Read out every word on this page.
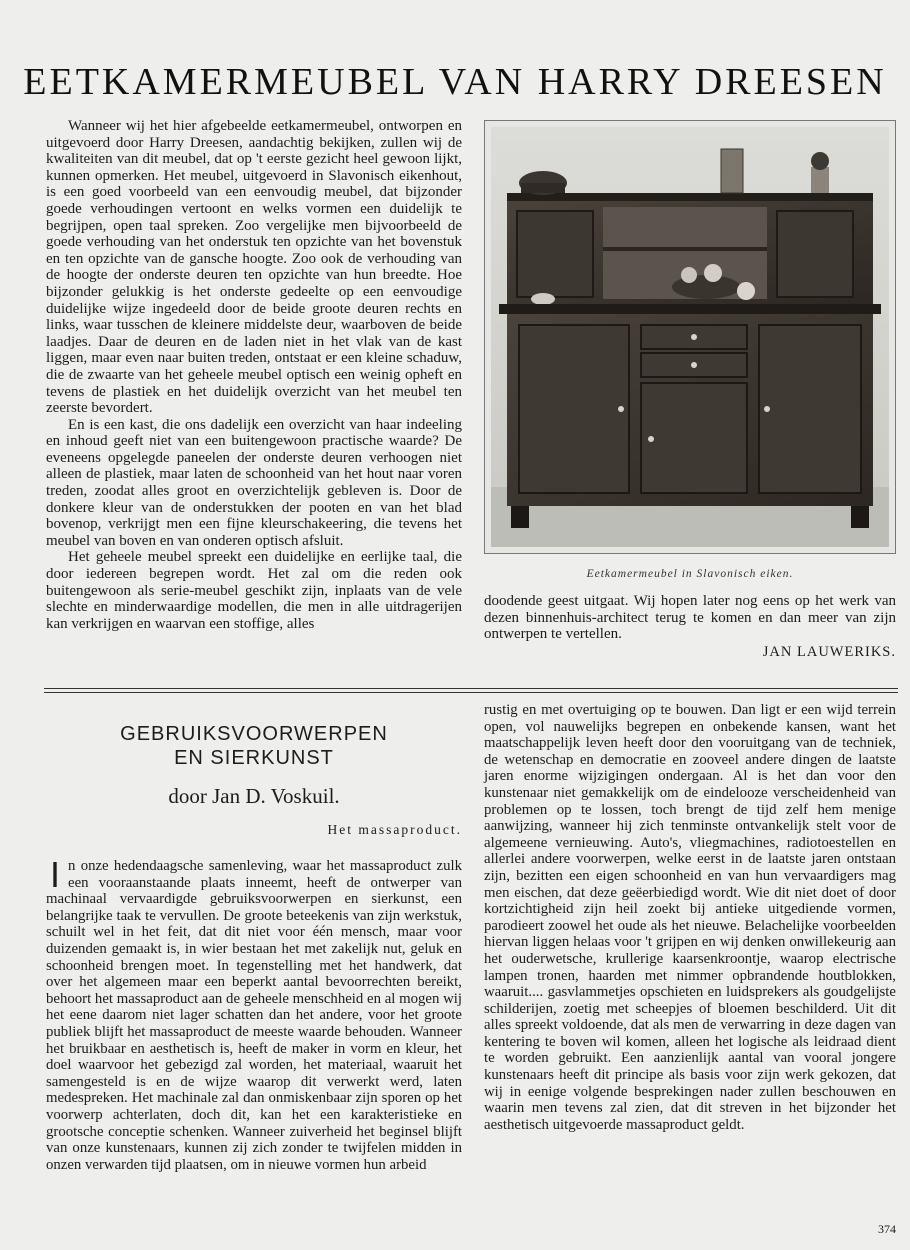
EETKAMERMEUBEL VAN HARRY DREESEN

Wanneer wij het hier afgebeelde eetkamermeubel, ontworpen en uitgevoerd door Harry Dreesen, aandachtig bekijken, zullen wij de kwaliteiten van dit meubel, dat op 't eerste gezicht heel gewoon lijkt, kunnen opmerken. Het meubel, uitgevoerd in Slavonisch eikenhout, is een goed voorbeeld van een eenvoudig meubel, dat bijzonder goede verhoudingen vertoont en welks vormen een duidelijk te begrijpen, open taal spreken. Zoo vergelijke men bijvoorbeeld de goede verhouding van het onderstuk ten opzichte van het bovenstuk en ten opzichte van de gansche hoogte. Zoo ook de verhouding van de hoogte der onderste deuren ten opzichte van hun breedte. Hoe bijzonder gelukkig is het onderste gedeelte op een eenvoudige duidelijke wijze ingedeeld door de beide groote deuren rechts en links, waar tusschen de kleinere middelste deur, waarboven de beide laadjes. Daar de deuren en de laden niet in het vlak van de kast liggen, maar even naar buiten treden, ontstaat er een kleine schaduw, die de zwaarte van het geheele meubel optisch een weinig opheft en tevens de plastiek en het duidelijk overzicht van het meubel ten zeerste bevordert.

En is een kast, die ons dadelijk een overzicht van haar indeeling en inhoud geeft niet van een buitengewoon practische waarde? De eveneens opgelegde paneelen der onderste deuren verhoogen niet alleen de plastiek, maar laten de schoonheid van het hout naar voren treden, zoodat alles groot en overzichtelijk gebleven is. Door de donkere kleur van de onderstukken der pooten en van het blad bovenop, verkrijgt men een fijne kleurschakeering, die tevens het meubel van boven en van onderen optisch afsluit.

Het geheele meubel spreekt een duidelijke en eerlijke taal, die door iedereen begrepen wordt. Het zal om die reden ook buitengewoon als serie-meubel geschikt zijn, inplaats van de vele slechte en minderwaardige modellen, die men in alle uitdragerijen kan verkrijgen en waarvan een stoffige, alles

Eetkamermeubel in Slavonisch eiken.

doodende geest uitgaat. Wij hopen later nog eens op het werk van dezen binnenhuis-architect terug te komen en dan meer van zijn ontwerpen te vertellen.

JAN LAUWERIKS.
GEBRUIKSVOORWERPEN
EN SIERKUNST
door Jan D. Voskuil.
Het massaproduct.

In onze hedendaagsche samenleving, waar het massaproduct zulk een vooraanstaande plaats inneemt, heeft de ontwerper van machinaal vervaardigde gebruiksvoorwerpen en sierkunst, een belangrijke taak te vervullen. De groote beteekenis van zijn werkstuk, schuilt wel in het feit, dat dit niet voor één mensch, maar voor duizenden gemaakt is, in wier bestaan het met zakelijk nut, geluk en schoonheid brengen moet. In tegenstelling met het handwerk, dat over het algemeen maar een beperkt aantal bevoorrechten bereikt, behoort het massaproduct aan de geheele menschheid en al mogen wij het eene daarom niet lager schatten dan het andere, voor het groote publiek blijft het massaproduct de meeste waarde behouden. Wanneer het bruikbaar en aesthetisch is, heeft de maker in vorm en kleur, het doel waarvoor het gebezigd zal worden, het materiaal, waaruit het samengesteld is en de wijze waarop dit verwerkt werd, laten medespreken. Het machinale zal dan onmiskenbaar zijn sporen op het voorwerp achterlaten, doch dit, kan het een karakteristieke en grootsche conceptie schenken. Wanneer zuiverheid het beginsel blijft van onze kunstenaars, kunnen zij zich zonder te twijfelen midden in onzen verwarden tijd plaatsen, om in nieuwe vormen hun arbeid

rustig en met overtuiging op te bouwen. Dan ligt er een wijd terrein open, vol nauwelijks begrepen en onbekende kansen, want het maatschappelijk leven heeft door den vooruitgang van de techniek, de wetenschap en democratie en zooveel andere dingen de laatste jaren enorme wijzigingen ondergaan. Al is het dan voor den kunstenaar niet gemakkelijk om de eindelooze verscheidenheid van problemen op te lossen, toch brengt de tijd zelf hem menige aanwijzing, wanneer hij zich tenminste ontvankelijk stelt voor de algemeene vernieuwing. Auto's, vliegmachines, radiotoestellen en allerlei andere voorwerpen, welke eerst in de laatste jaren ontstaan zijn, bezitten een eigen schoonheid en van hun vervaardigers mag men eischen, dat deze geëerbiedigd wordt. Wie dit niet doet of door kortzichtigheid zijn heil zoekt bij antieke uitgediende vormen, parodieert zoowel het oude als het nieuwe. Belachelijke voorbeelden hiervan liggen helaas voor 't grijpen en wij denken onwillekeurig aan het ouderwetsche, krullerige kaarsenkroontje, waarop electrische lampen tronen, haarden met nimmer opbrandende houtblokken, waaruit.... gasvlammetjes opschieten en luidsprekers als goudgelijste schilderijen, zoetig met scheepjes of bloemen beschilderd. Uit dit alles spreekt voldoende, dat als men de verwarring in deze dagen van kentering te boven wil komen, alleen het logische als leidraad dient te worden gebruikt. Een aanzienlijk aantal van vooral jongere kunstenaars heeft dit principe als basis voor zijn werk gekozen, dat wij in eenige volgende besprekingen nader zullen beschouwen en waarin men tevens zal zien, dat dit streven in het bijzonder het aesthetisch uitgevoerde massaproduct geldt.

374
